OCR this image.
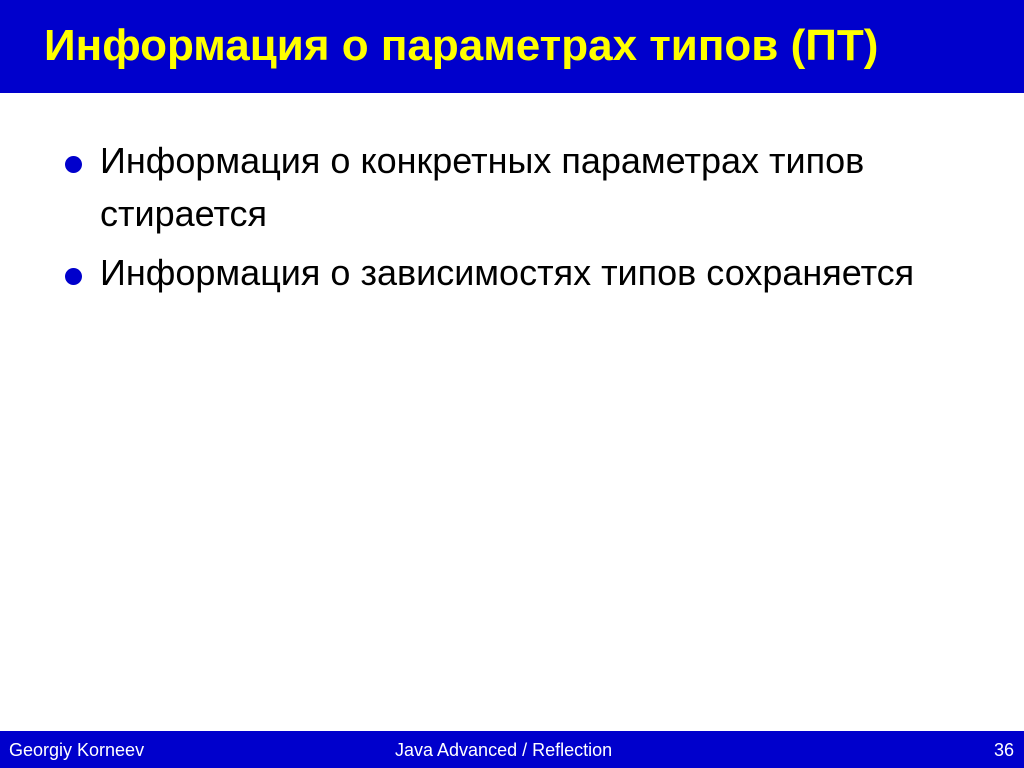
Информация о параметрах типов (ПТ)
Информация о конкретных параметрах типов стирается
Информация о зависимостях типов сохраняется
Georgiy Korneev	Java Advanced / Reflection	36
